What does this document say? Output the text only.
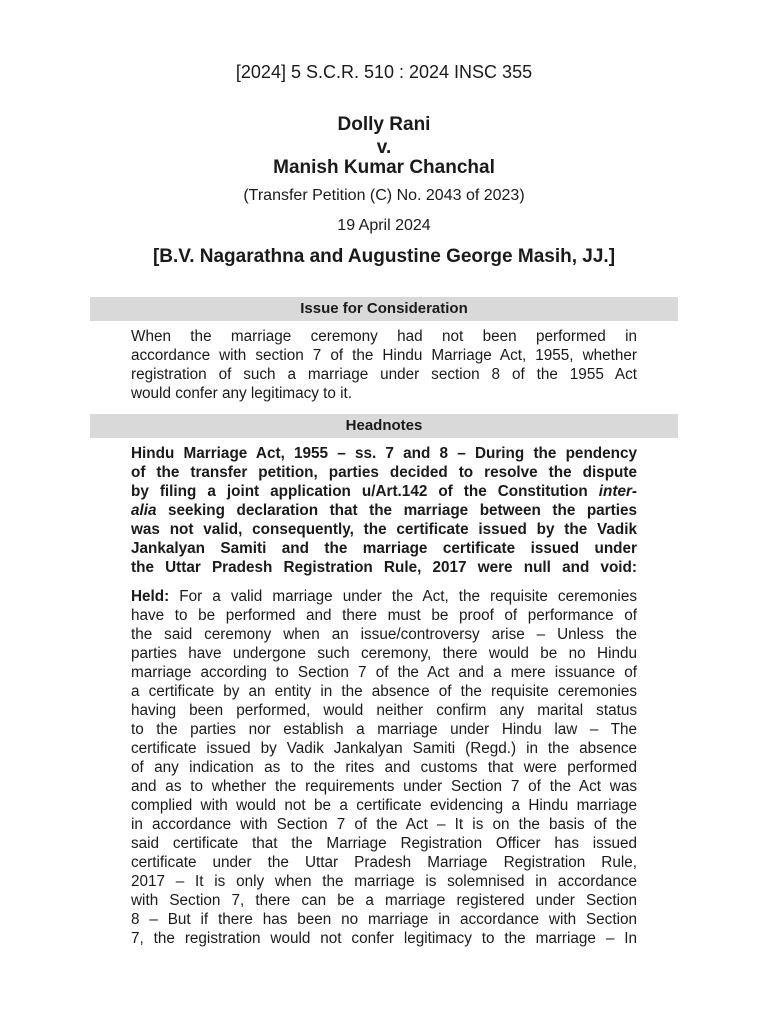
[2024] 5 S.C.R. 510 : 2024 INSC 355
Dolly Rani
v.
Manish Kumar Chanchal
(Transfer Petition (C) No. 2043 of 2023)
19 April 2024
[B.V. Nagarathna and Augustine George Masih, JJ.]
Issue for Consideration
When the marriage ceremony had not been performed in
accordance with section 7 of the Hindu Marriage Act, 1955, whether
registration of such a marriage under section 8 of the 1955 Act
would confer any legitimacy to it.
Headnotes
Hindu Marriage Act, 1955 – ss. 7 and 8 – During the pendency
of the transfer petition, parties decided to resolve the dispute
by filing a joint application u/Art.142 of the Constitution inter-
alia seeking declaration that the marriage between the parties
was not valid, consequently, the certificate issued by the Vadik
Jankalyan Samiti and the marriage certificate issued under
the Uttar Pradesh Registration Rule, 2017 were null and void:
Held: For a valid marriage under the Act, the requisite ceremonies
have to be performed and there must be proof of performance of
the said ceremony when an issue/controversy arise – Unless the
parties have undergone such ceremony, there would be no Hindu
marriage according to Section 7 of the Act and a mere issuance of
a certificate by an entity in the absence of the requisite ceremonies
having been performed, would neither confirm any marital status
to the parties nor establish a marriage under Hindu law – The
certificate issued by Vadik Jankalyan Samiti (Regd.) in the absence
of any indication as to the rites and customs that were performed
and as to whether the requirements under Section 7 of the Act was
complied with would not be a certificate evidencing a Hindu marriage
in accordance with Section 7 of the Act – It is on the basis of the
said certificate that the Marriage Registration Officer has issued
certificate under the Uttar Pradesh Marriage Registration Rule,
2017 – It is only when the marriage is solemnised in accordance
with Section 7, there can be a marriage registered under Section
8 – But if there has been no marriage in accordance with Section
7, the registration would not confer legitimacy to the marriage – In
